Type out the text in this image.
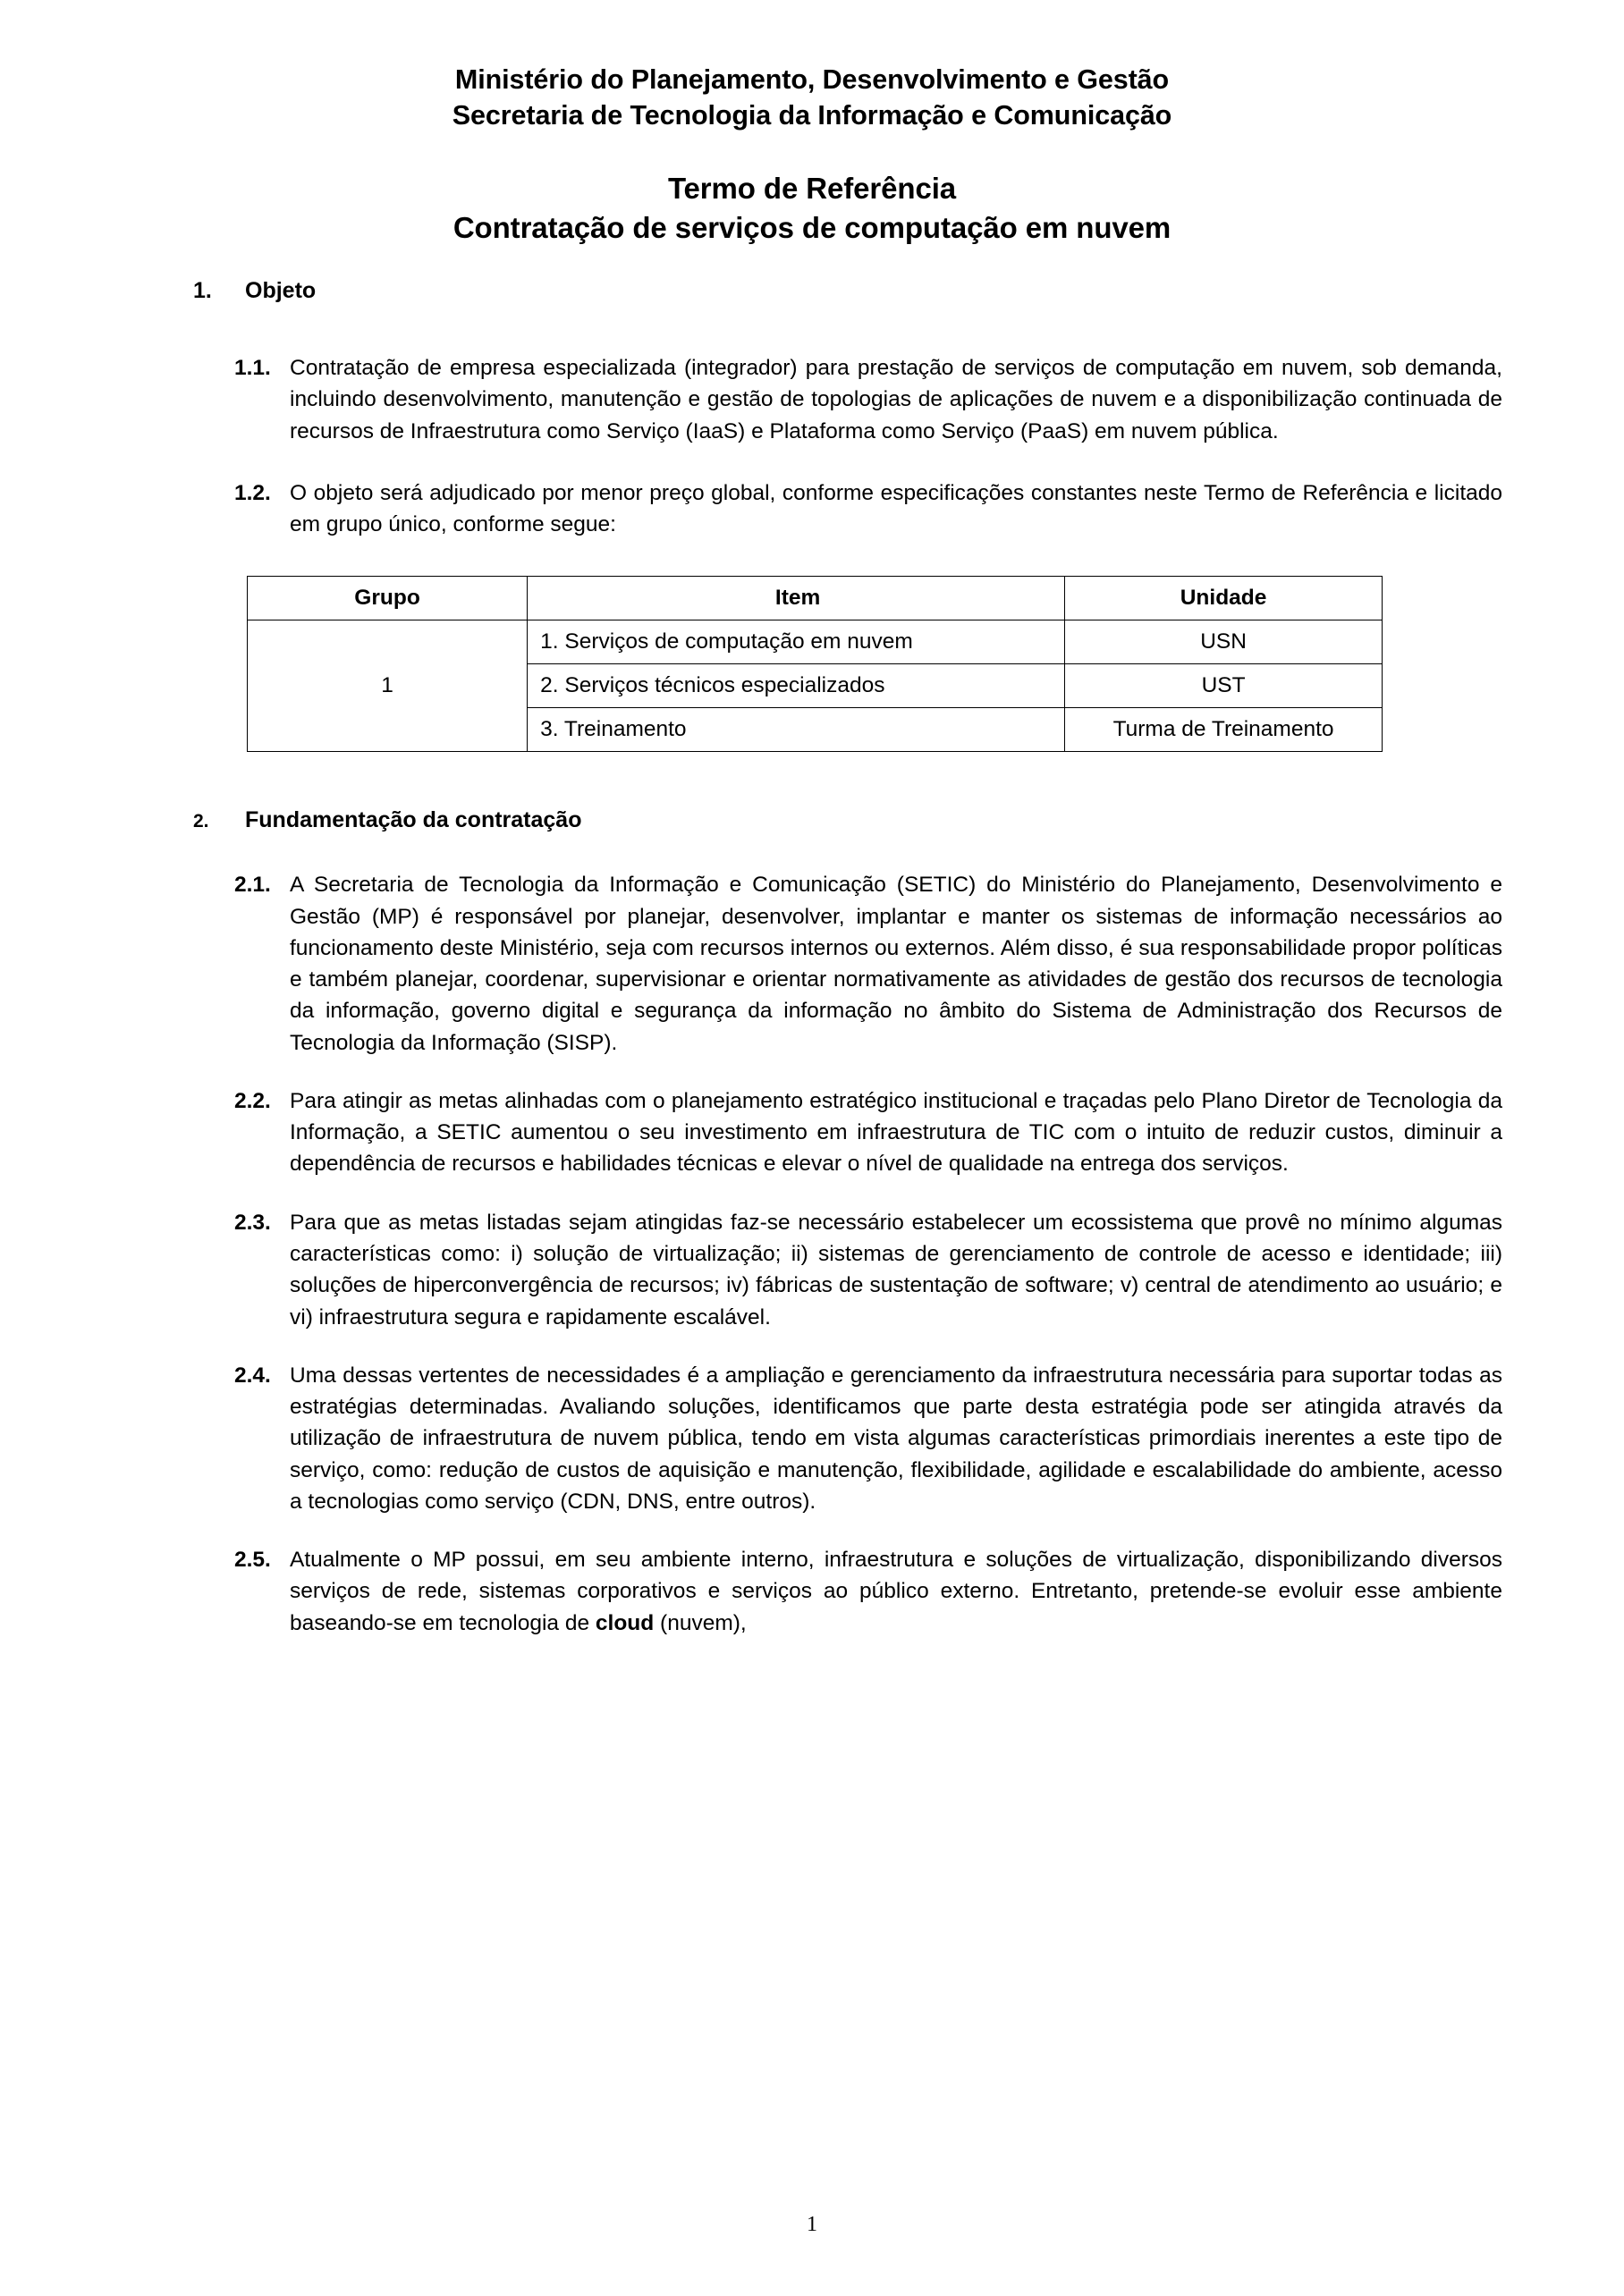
Ministério do Planejamento, Desenvolvimento e Gestão
Secretaria de Tecnologia da Informação e Comunicação
Termo de Referência
Contratação de serviços de computação em nuvem
1.	Objeto
1.1. Contratação de empresa especializada (integrador) para prestação de serviços de computação em nuvem, sob demanda, incluindo desenvolvimento, manutenção e gestão de topologias de aplicações de nuvem e a disponibilização continuada de recursos de Infraestrutura como Serviço (IaaS) e Plataforma como Serviço (PaaS) em nuvem pública.
1.2. O objeto será adjudicado por menor preço global, conforme especificações constantes neste Termo de Referência e licitado em grupo único, conforme segue:
Grupo	Item	Unidade
1	1. Serviços de computação em nuvem	USN
	2. Serviços técnicos especializados	UST
	3. Treinamento	Turma de Treinamento
2.	Fundamentação da contratação
2.1. A Secretaria de Tecnologia da Informação e Comunicação (SETIC) do Ministério do Planejamento, Desenvolvimento e Gestão (MP) é responsável por planejar, desenvolver, implantar e manter os sistemas de informação necessários ao funcionamento deste Ministério, seja com recursos internos ou externos. Além disso, é sua responsabilidade propor políticas e também planejar, coordenar, supervisionar e orientar normativamente as atividades de gestão dos recursos de tecnologia da informação, governo digital e segurança da informação no âmbito do Sistema de Administração dos Recursos de Tecnologia da Informação (SISP).
2.2. Para atingir as metas alinhadas com o planejamento estratégico institucional e traçadas pelo Plano Diretor de Tecnologia da Informação, a SETIC aumentou o seu investimento em infraestrutura de TIC com o intuito de reduzir custos, diminuir a dependência de recursos e habilidades técnicas e elevar o nível de qualidade na entrega dos serviços.
2.3. Para que as metas listadas sejam atingidas faz-se necessário estabelecer um ecossistema que provê no mínimo algumas características como: i) solução de virtualização; ii) sistemas de gerenciamento de controle de acesso e identidade; iii) soluções de hiperconvergência de recursos; iv) fábricas de sustentação de software; v) central de atendimento ao usuário; e vi) infraestrutura segura e rapidamente escalável.
2.4. Uma dessas vertentes de necessidades é a ampliação e gerenciamento da infraestrutura necessária para suportar todas as estratégias determinadas. Avaliando soluções, identificamos que parte desta estratégia pode ser atingida através da utilização de infraestrutura de nuvem pública, tendo em vista algumas características primordiais inerentes a este tipo de serviço, como: redução de custos de aquisição e manutenção, flexibilidade, agilidade e escalabilidade do ambiente, acesso a tecnologias como serviço (CDN, DNS, entre outros).
2.5. Atualmente o MP possui, em seu ambiente interno, infraestrutura e soluções de virtualização, disponibilizando diversos serviços de rede, sistemas corporativos e serviços ao público externo. Entretanto, pretende-se evoluir esse ambiente baseando-se em tecnologia de cloud (nuvem),
1
